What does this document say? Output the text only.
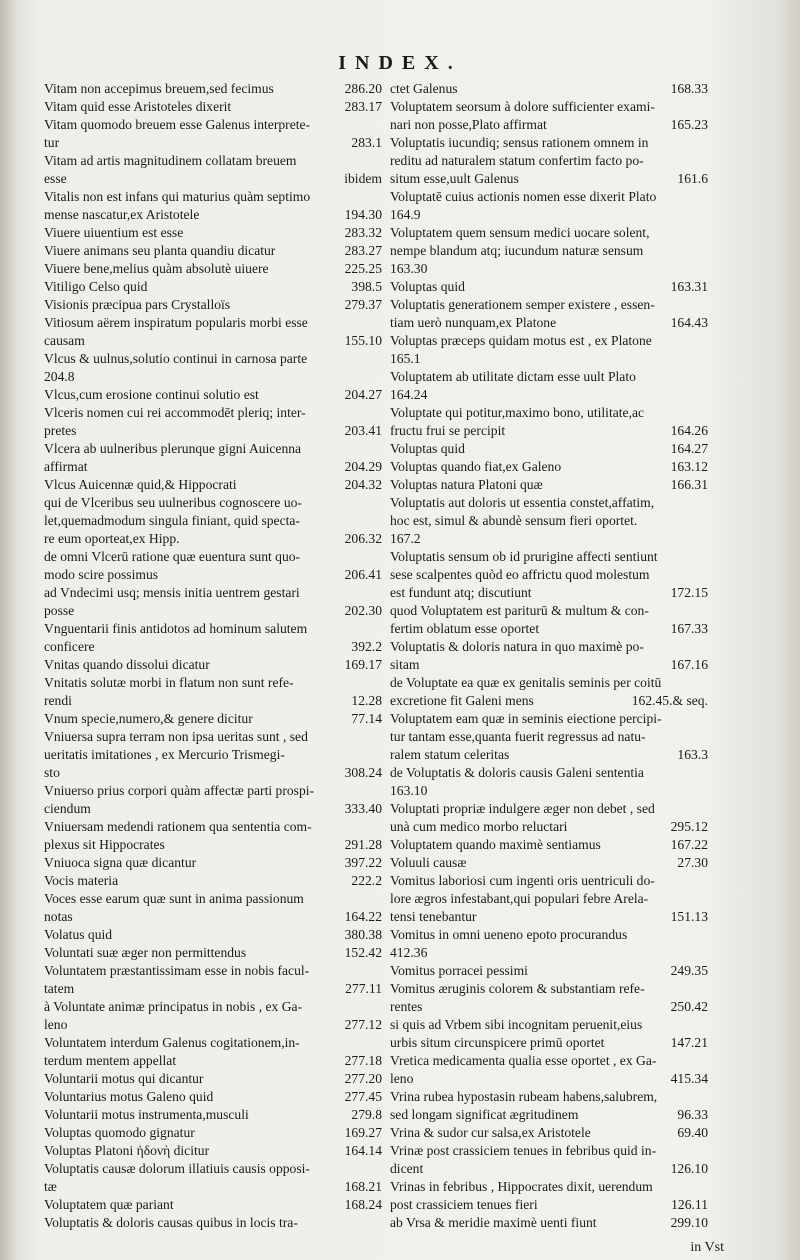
INDEX.
Vitam non accepimus breuem,sed fecimus	286.20
Vitam quid esse Aristoteles dixerit	283.17
Vitam quomodo breuem esse Galenus interprete-
tur	283.1
Vitam ad artis magnitudinem collatam breuem
esse	ibidem
Vitalis non est infans qui maturius quàm septimo
mense nascatur,ex Aristotele	194.30
Viuere uiuentium est esse	283.32
Viuere animans seu planta quandiu dicatur	283.27
Viuere bene,melius quàm absolutè uiuere	225.25
Vitiligo Celso quid	398.5
Visionis præcipua pars Crystalloïs	279.37
Vitiosum aërem inspiratum popularis morbi esse
causam	155.10
Vlcus & uulnus,solutio continui in carnosa parte
204.8
Vlcus,cum erosione continui solutio est	204.27
Vlceris nomen cui rei accommodēt pleriq; inter-
pretes	203.41
Vlcera ab uulneribus plerunque gigni Auicenna
affirmat	204.29
Vlcus Auicennæ quid,& Hippocrati	204.32
qui de Vlceribus seu uulneribus cognoscere uo-
let,quemadmodum singula finiant, quid specta-
re eum oporteat,ex Hipp.	206.32
de omni Vlcerū ratione quæ euentura sunt quo-
modo scire possimus	206.41
ad Vndecimi usq; mensis initia uentrem gestari
posse	202.30
Vnguentarii finis antidotos ad hominum salutem
conficere	392.2
Vnitas quando dissolui dicatur	169.17
Vnitatis solutæ morbi in flatum non sunt refe-
rendi	12.28
Vnum specie,numero,& genere dicitur	77.14
Vniuersa supra terram non ipsa ueritas sunt , sed
ueritatis imitationes , ex Mercurio Trismegi-
sto	308.24
Vniuerso prius corpori quàm affectæ parti prospi-
ciendum	333.40
Vniuersam medendi rationem qua sententia com-
plexus sit Hippocrates	291.28
Vniuoca signa quæ dicantur	397.22
Vocis materia	222.2
Voces esse earum quæ sunt in anima passionum
notas	164.22
Volatus quid	380.38
Voluntati suæ æger non permittendus	152.42
Voluntatem præstantissimam esse in nobis facul-
tatem	277.11
à Voluntate animæ principatus in nobis , ex Ga-
leno	277.12
Voluntatem interdum Galenus cogitationem,in-
terdum mentem appellat	277.18
Voluntarii motus qui dicantur	277.20
Voluntarius motus Galeno quid	277.45
Voluntarii motus instrumenta,musculi	279.8
Voluptas quomodo gignatur	169.27
Voluptas Platoni ἡδονὴ dicitur	164.14
Voluptatis causæ dolorum illatiuis causis opposi-
tæ	168.21
Voluptatem quæ pariant	168.24
Voluptatis & doloris causas quibus in locis tra-
ctet Galenus	168.33
Voluptatem seorsum à dolore sufficienter exami-
nari non posse,Plato affirmat	165.23
Voluptatis iucundiq; sensus rationem omnem in
reditu ad naturalem statum confertim facto po-
situm esse,uult Galenus	161.6
Voluptatē cuius actionis nomen esse dixerit Plato
164.9
Voluptatem quem sensum medici uocare solent,
nempe blandum atq; iucundum naturæ sensum
163.30
Voluptas quid	163.31
Voluptatis generationem semper existere , essen-
tiam uerò nunquam,ex Platone	164.43
Voluptas præceps quidam motus est , ex Platone
165.1
Voluptatem ab utilitate dictam esse uult Plato
164.24
Voluptate qui potitur,maximo bono, utilitate,ac
fructu frui se percipit	164.26
Voluptas quid	164.27
Voluptas quando fiat,ex Galeno	163.12
Voluptas natura Platoni quæ	166.31
Voluptatis aut doloris ut essentia constet,affatim,
hoc est, simul & abundè sensum fieri oportet.
167.2
Voluptatis sensum ob id prurigine affecti sentiunt
sese scalpentes quòd eo affrictu quod molestum
est fundunt atq; discutiunt	172.15
quod Voluptatem est pariturū & multum & con-
fertim oblatum esse oportet	167.33
Voluptatis & doloris natura in quo maximè po-
sitam	167.16
de Voluptate ea quæ ex genitalis seminis per coitū
excretione fit Galeni mens	162.45.& seq.
Voluptatem eam quæ in seminis eiectione percipi-
tur tantam esse,quanta fuerit regressus ad natu-
ralem statum celeritas	163.3
de Voluptatis & doloris causis Galeni sententia
163.10
Voluptati propriæ indulgere æger non debet , sed
unà cum medico morbo reluctari	295.12
Voluptatem quando maximè sentiamus	167.22
Voluuli causæ	27.30
Vomitus laboriosi cum ingenti oris uentriculi do-
lore ægros infestabant,qui populari febre Arela-
tensi tenebantur	151.13
Vomitus in omni ueneno epoto procurandus
412.36
Vomitus porracei pessimi	249.35
Vomitus æruginis colorem & substantiam refe-
rentes	250.42
si quis ad Vrbem sibi incognitam peruenit,eius
urbis situm circunspicere primū oportet	147.21
Vretica medicamenta qualia esse oportet , ex Ga-
leno	415.34
Vrina rubea hypostasin rubeam habens,salubrem,
sed longam significat ægritudinem	96.33
Vrina & sudor cur salsa,ex Aristotele	69.40
Vrinæ post crassiciem tenues in febribus quid in-
dicent	126.10
Vrinas in febribus , Hippocrates dixit, uerendum
post crassiciem tenues fieri	126.11
ab Vrsa & meridie maximè uenti fiunt	299.10
in Vst
